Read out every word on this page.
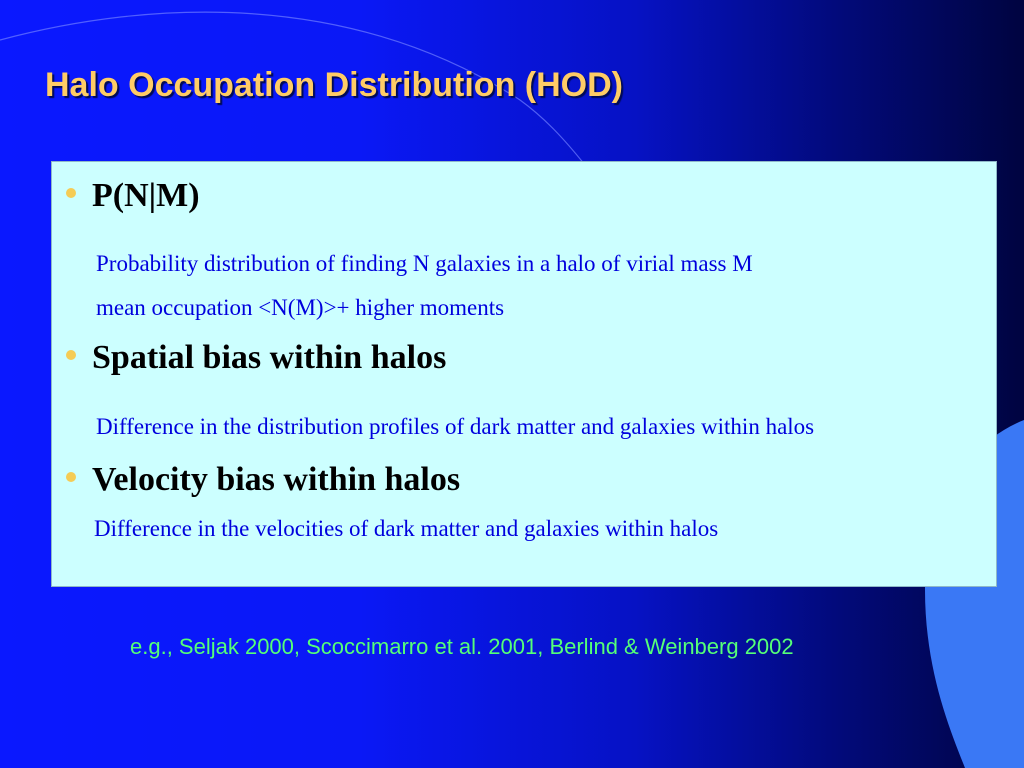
Halo Occupation Distribution (HOD)
P(N|M)
Probability distribution of finding N galaxies in a halo of virial mass M
mean occupation <N(M)>+ higher moments
Spatial bias within halos
Difference in the distribution profiles of dark matter and galaxies within halos
Velocity bias within halos
Difference in the velocities of dark matter and galaxies within halos
e.g., Seljak 2000, Scoccimarro et al. 2001, Berlind & Weinberg 2002
